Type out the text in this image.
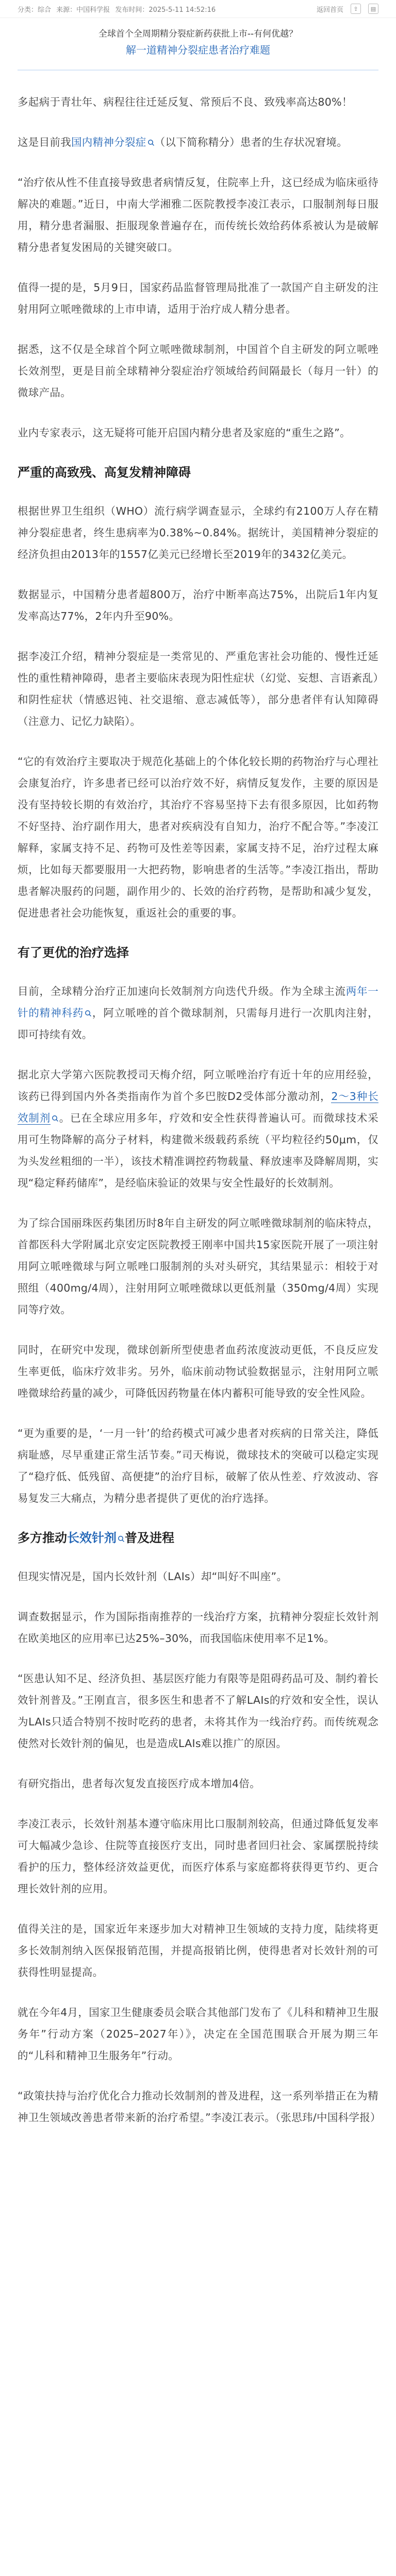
分类：综合 来源：中国科学报 发布时间：2025-5-11 14:52:16	返回首页	⇪	▤
全球首个全周期精分裂症新药获批上市--有何优越？
解一道精神分裂症患者治疗难题

多起病于青壮年、病程往往迁延反复、常预后不良、致残率高达80%！

这是目前我国内精神分裂症 （以下简称精分）患者的生存状况窘境。

“治疗依从性不佳直接导致患者病情反复，住院率上升，这已经成为临床亟待解决的难题。”近日，中南大学湘雅二医院教授李凌江表示，口服制剂每日服用，精分患者漏服、拒服现象普遍存在，而传统长效给药体系被认为是破解精分患者复发困局的关键突破口。

值得一提的是，5月9日，国家药品监督管理局批准了一款国产自主研发的注射用阿立哌唑微球的上市申请，适用于治疗成人精分患者。

据悉，这不仅是全球首个阿立哌唑微球制剂，中国首个自主研发的阿立哌唑长效剂型，更是目前全球精神分裂症治疗领域给药间隔最长（每月一针）的微球产品。

业内专家表示，这无疑将可能开启国内精分患者及家庭的“重生之路”。

严重的高致残、高复发精神障碍

根据世界卫生组织（WHO）流行病学调查显示，全球约有2100万人存在精神分裂症患者，终生患病率为0.38%~0.84%。据统计，美国精神分裂症的经济负担由2013年的1557亿美元已经增长至2019年的3432亿美元。

数据显示，中国精分患者超800万，治疗中断率高达75%，出院后1年内复发率高达77%，2年内升至90%。

据李凌江介绍，精神分裂症是一类常见的、严重危害社会功能的、慢性迁延性的重性精神障碍，患者主要临床表现为阳性症状（幻觉、妄想、言语紊乱）和阴性症状（情感迟钝、社交退缩、意志减低等），部分患者伴有认知障碍（注意力、记忆力缺陷）。

“它的有效治疗主要取决于规范化基础上的个体化较长期的药物治疗与心理社会康复治疗，许多患者已经可以治疗效不好，病情反复发作，主要的原因是没有坚持较长期的有效治疗，其治疗不容易坚持下去有很多原因，比如药物不好坚持、治疗副作用大，患者对疾病没有自知力，治疗不配合等。”李凌江解释，家属支持不足、药物可及性差等因素，家属支持不足，治疗过程太麻烦，比如每天都要服用一大把药物，影响患者的生活等。”李凌江指出，帮助患者解决服药的问题，副作用少的、长效的治疗药物，是帮助和减少复发，促进患者社会功能恢复，重返社会的重要的事。

有了更优的治疗选择

目前，全球精分治疗正加速向长效制剂方向迭代升级。作为全球主流两年一针的精神科药 ，阿立哌唑的首个微球制剂，只需每月进行一次肌肉注射，即可持续有效。

据北京大学第六医院教授司天梅介绍，阿立哌唑治疗有近十年的应用经验，该药已得到国内外各类指南作为首个多巴胺D2受体部分激动剂，2～3种长效制剂 。已在全球应用多年，疗效和安全性获得普遍认可。而微球技术采用可生物降解的高分子材料，构建微米级载药系统（平均粒径约50μm，仅为头发丝粗细的一半），该技术精准调控药物载量、释放速率及降解周期，实现“稳定释药储库”，是经临床验证的效果与安全性最好的长效制剂。

为了综合国丽珠医药集团历时8年自主研发的阿立哌唑微球制剂的临床特点，首都医科大学附属北京安定医院教授王刚率中国共15家医院开展了一项注射用阿立哌唑微球与阿立哌唑口服制剂的头对头研究，其结果显示：相较于对照组（400mg/4周），注射用阿立哌唑微球以更低剂量（350mg/4周）实现同等疗效。

同时，在研究中发现，微球创新所型使患者血药浓度波动更低，不良反应发生率更低，临床疗效非劣。另外，临床前动物试验数据显示，注射用阿立哌唑微球给药量的减少，可降低因药物量在体内蓄积可能导致的安全性风险。

“更为重要的是，‘一月一针’的给药模式可减少患者对疾病的日常关注，降低病耻感，尽早重建正常生活节奏。”司天梅说，微球技术的突破可以稳定实现了“稳疗低、低残留、高便捷”的治疗目标，破解了依从性差、疗效波动、容易复发三大痛点，为精分患者提供了更优的治疗选择。

多方推动长效针剂 普及进程

但现实情况是，国内长效针剂（LAIs）却“叫好不叫座”。

调查数据显示，作为国际指南推荐的一线治疗方案，抗精神分裂症长效针剂在欧美地区的应用率已达25%–30%，而我国临床使用率不足1%。

“医患认知不足、经济负担、基层医疗能力有限等是阻碍药品可及、制约着长效针剂普及。”王刚直言，很多医生和患者不了解LAIs的疗效和安全性，误认为LAIs只适合特别不按时吃药的患者，未将其作为一线治疗药。而传统观念使然对长效针剂的偏见，也是造成LAIs难以推广的原因。

有研究指出，患者每次复发直接医疗成本增加4倍。

李凌江表示，长效针剂基本遵守临床用比口服制剂较高，但通过降低复发率可大幅减少急诊、住院等直接医疗支出，同时患者回归社会、家属摆脱持续看护的压力，整体经济效益更优，而医疗体系与家庭都将获得更节约、更合理长效针剂的应用。

值得关注的是，国家近年来逐步加大对精神卫生领域的支持力度，陆续将更多长效制剂纳入医保报销范围，并提高报销比例，使得患者对长效针剂的可获得性明显提高。

就在今年4月，国家卫生健康委员会联合其他部门发布了《儿科和精神卫生服务年”行动方案（2025–2027年）》，决定在全国范围联合开展为期三年的“儿科和精神卫生服务年”行动。

“政策扶持与治疗优化合力推动长效制剂的普及进程，这一系列举措正在为精神卫生领域改善患者带来新的治疗希望。”李凌江表示。（张思玮/中国科学报）
